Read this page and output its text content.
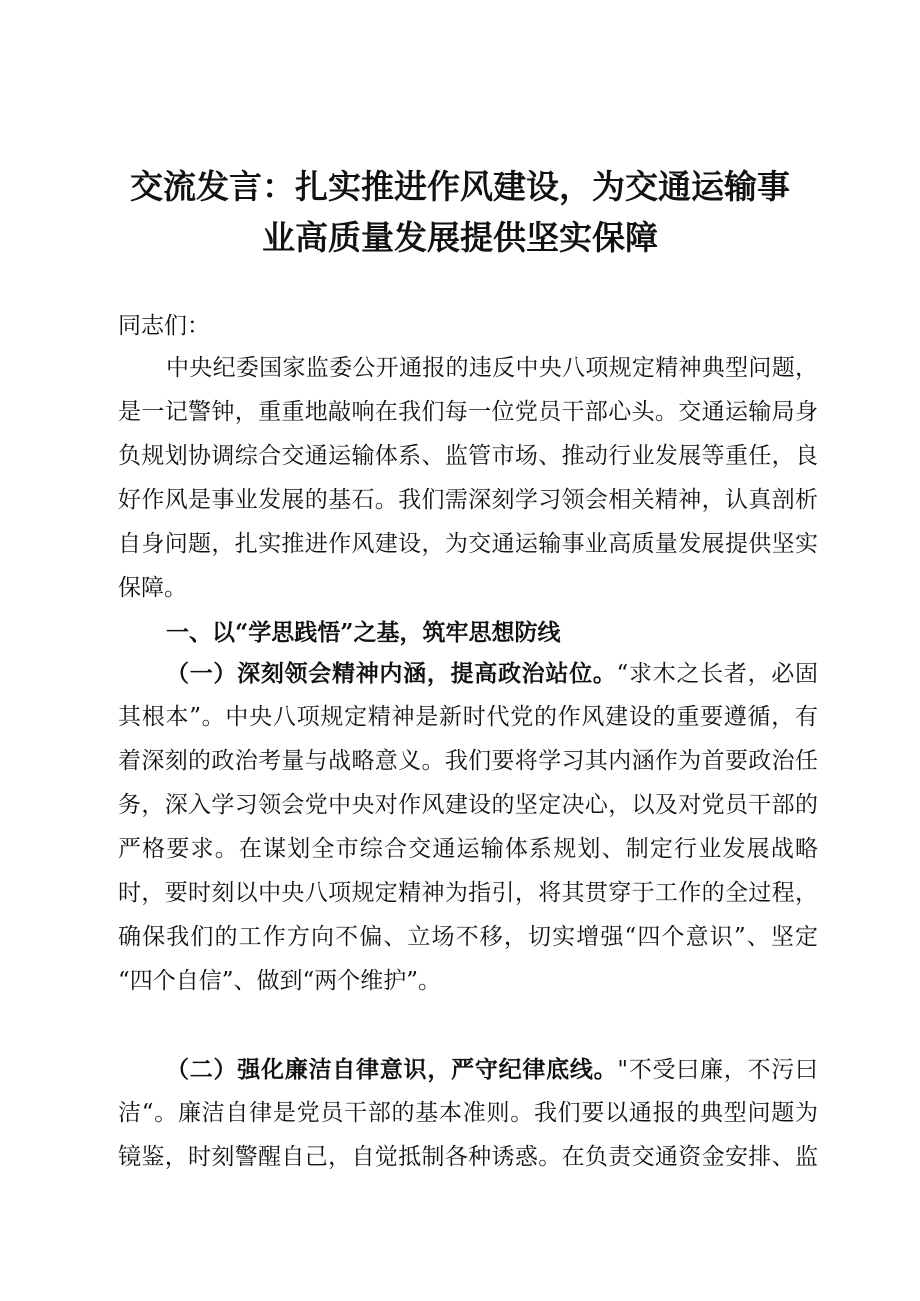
交流发言：扎实推进作风建设，为交通运输事
业高质量发展提供坚实保障

同志们：

中央纪委国家监委公开通报的违反中央八项规定精神典型问题，

是一记警钟，重重地敲响在我们每一位党员干部心头。交通运输局身

负规划协调综合交通运输体系、监管市场、推动行业发展等重任，良

好作风是事业发展的基石。我们需深刻学习领会相关精神，认真剖析

自身问题，扎实推进作风建设，为交通运输事业高质量发展提供坚实

保障。

一、以“学思践悟”之基，筑牢思想防线

（一）深刻领会精神内涵，提高政治站位。“求木之长者，必固

其根本”。中央八项规定精神是新时代党的作风建设的重要遵循，有

着深刻的政治考量与战略意义。我们要将学习其内涵作为首要政治任

务，深入学习领会党中央对作风建设的坚定决心，以及对党员干部的

严格要求。在谋划全市综合交通运输体系规划、制定行业发展战略

时，要时刻以中央八项规定精神为指引，将其贯穿于工作的全过程，

确保我们的工作方向不偏、立场不移，切实增强“四个意识”、坚定

“四个自信”、做到“两个维护”。

（二）强化廉洁自律意识，严守纪律底线。"不受曰廉，不污曰

洁“。廉洁自律是党员干部的基本准则。我们要以通报的典型问题为

镜鉴，时刻警醒自己，自觉抵制各种诱惑。在负责交通资金安排、监
